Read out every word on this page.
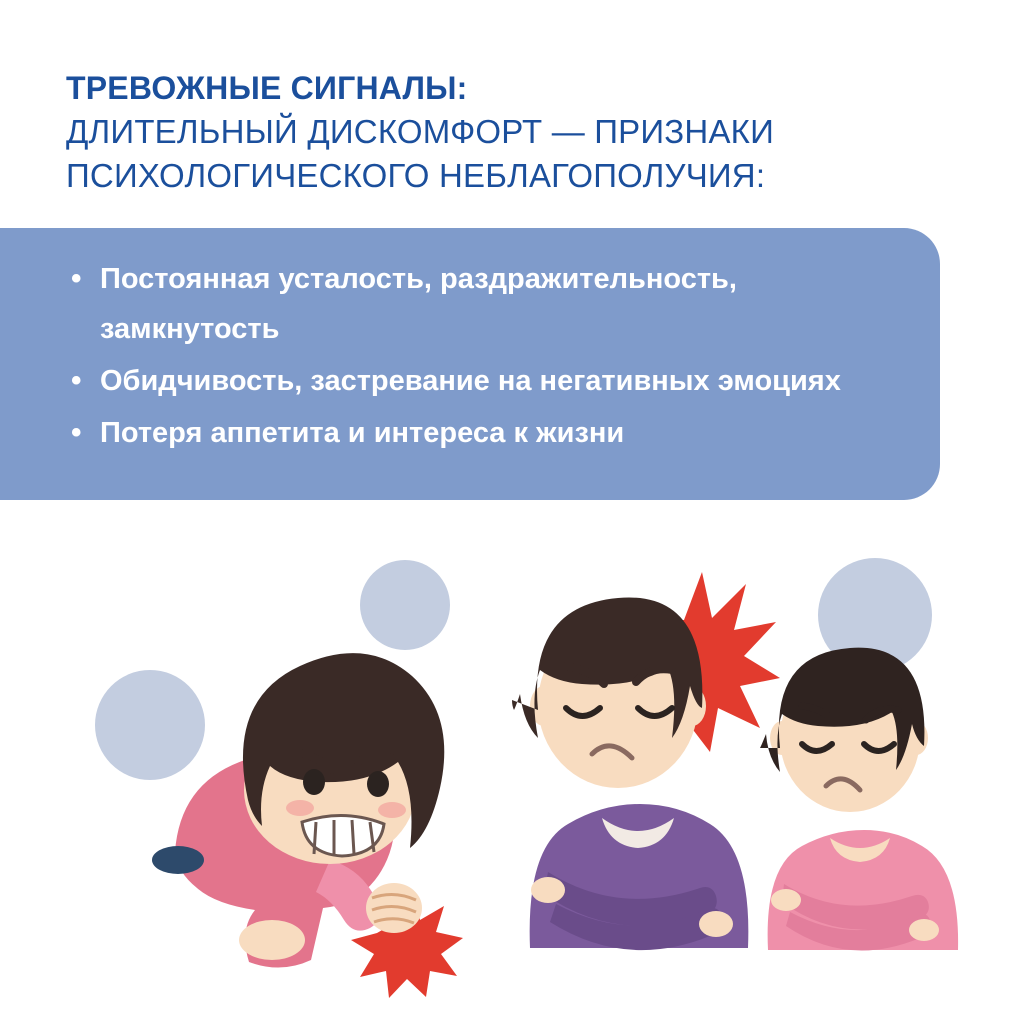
ТРЕВОЖНЫЕ СИГНАЛЫ:
ДЛИТЕЛЬНЫЙ ДИСКОМФОРТ — ПРИЗНАКИ
ПСИХОЛОГИЧЕСКОГО НЕБЛАГОПОЛУЧИЯ:
• Постоянная усталость, раздражительность, замкнутость
• Обидчивость, застревание на негативных эмоциях
• Потеря аппетита и интереса к жизни
